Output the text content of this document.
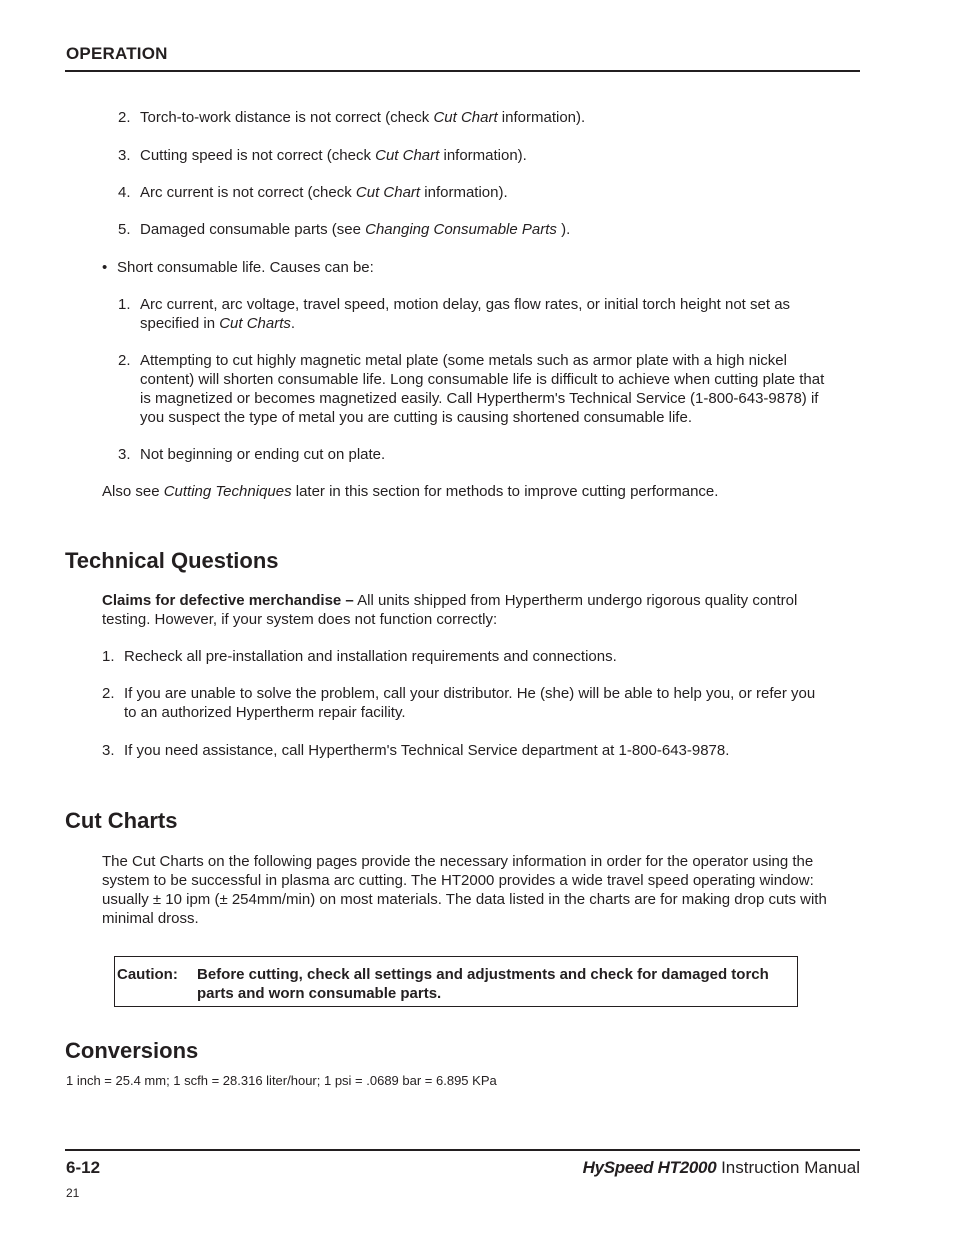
OPERATION
2. Torch-to-work distance is not correct (check Cut Chart information).
3. Cutting speed is not correct (check Cut Chart information).
4. Arc current is not correct (check Cut Chart information).
5. Damaged consumable parts (see Changing Consumable Parts ).
• Short consumable life. Causes can be:
1. Arc current, arc voltage, travel speed, motion delay, gas flow rates, or initial torch height not set as
specified in Cut Charts.
2. Attempting to cut highly magnetic metal plate (some metals such as armor plate with a high nickel
content) will shorten consumable life. Long consumable life is difficult to achieve when cutting plate that
is magnetized or becomes magnetized easily. Call Hypertherm's Technical Service (1-800-643-9878) if
you suspect the type of metal you are cutting is causing shortened consumable life.
3. Not beginning or ending cut on plate.
Also see Cutting Techniques later in this section for methods to improve cutting performance.
Technical Questions
Claims for defective merchandise – All units shipped from Hypertherm undergo rigorous quality control
testing. However, if your system does not function correctly:
1. Recheck all pre-installation and installation requirements and connections.
2. If you are unable to solve the problem, call your distributor. He (she) will be able to help you, or refer you
to an authorized Hypertherm repair facility.
3. If you need assistance, call Hypertherm's Technical Service department at 1-800-643-9878.
Cut Charts
The Cut Charts on the following pages provide the necessary information in order for the operator using the
system to be successful in plasma arc cutting. The HT2000 provides a wide travel speed operating window:
usually ± 10 ipm (± 254mm/min) on most materials. The data listed in the charts are for making drop cuts with
minimal dross.
Caution: Before cutting, check all settings and adjustments and check for damaged torch
parts and worn consumable parts.
Conversions
1 inch = 25.4 mm; 1 scfh = 28.316 liter/hour; 1 psi = .0689 bar = 6.895 KPa
6-12	HySpeed HT2000 Instruction Manual
21
